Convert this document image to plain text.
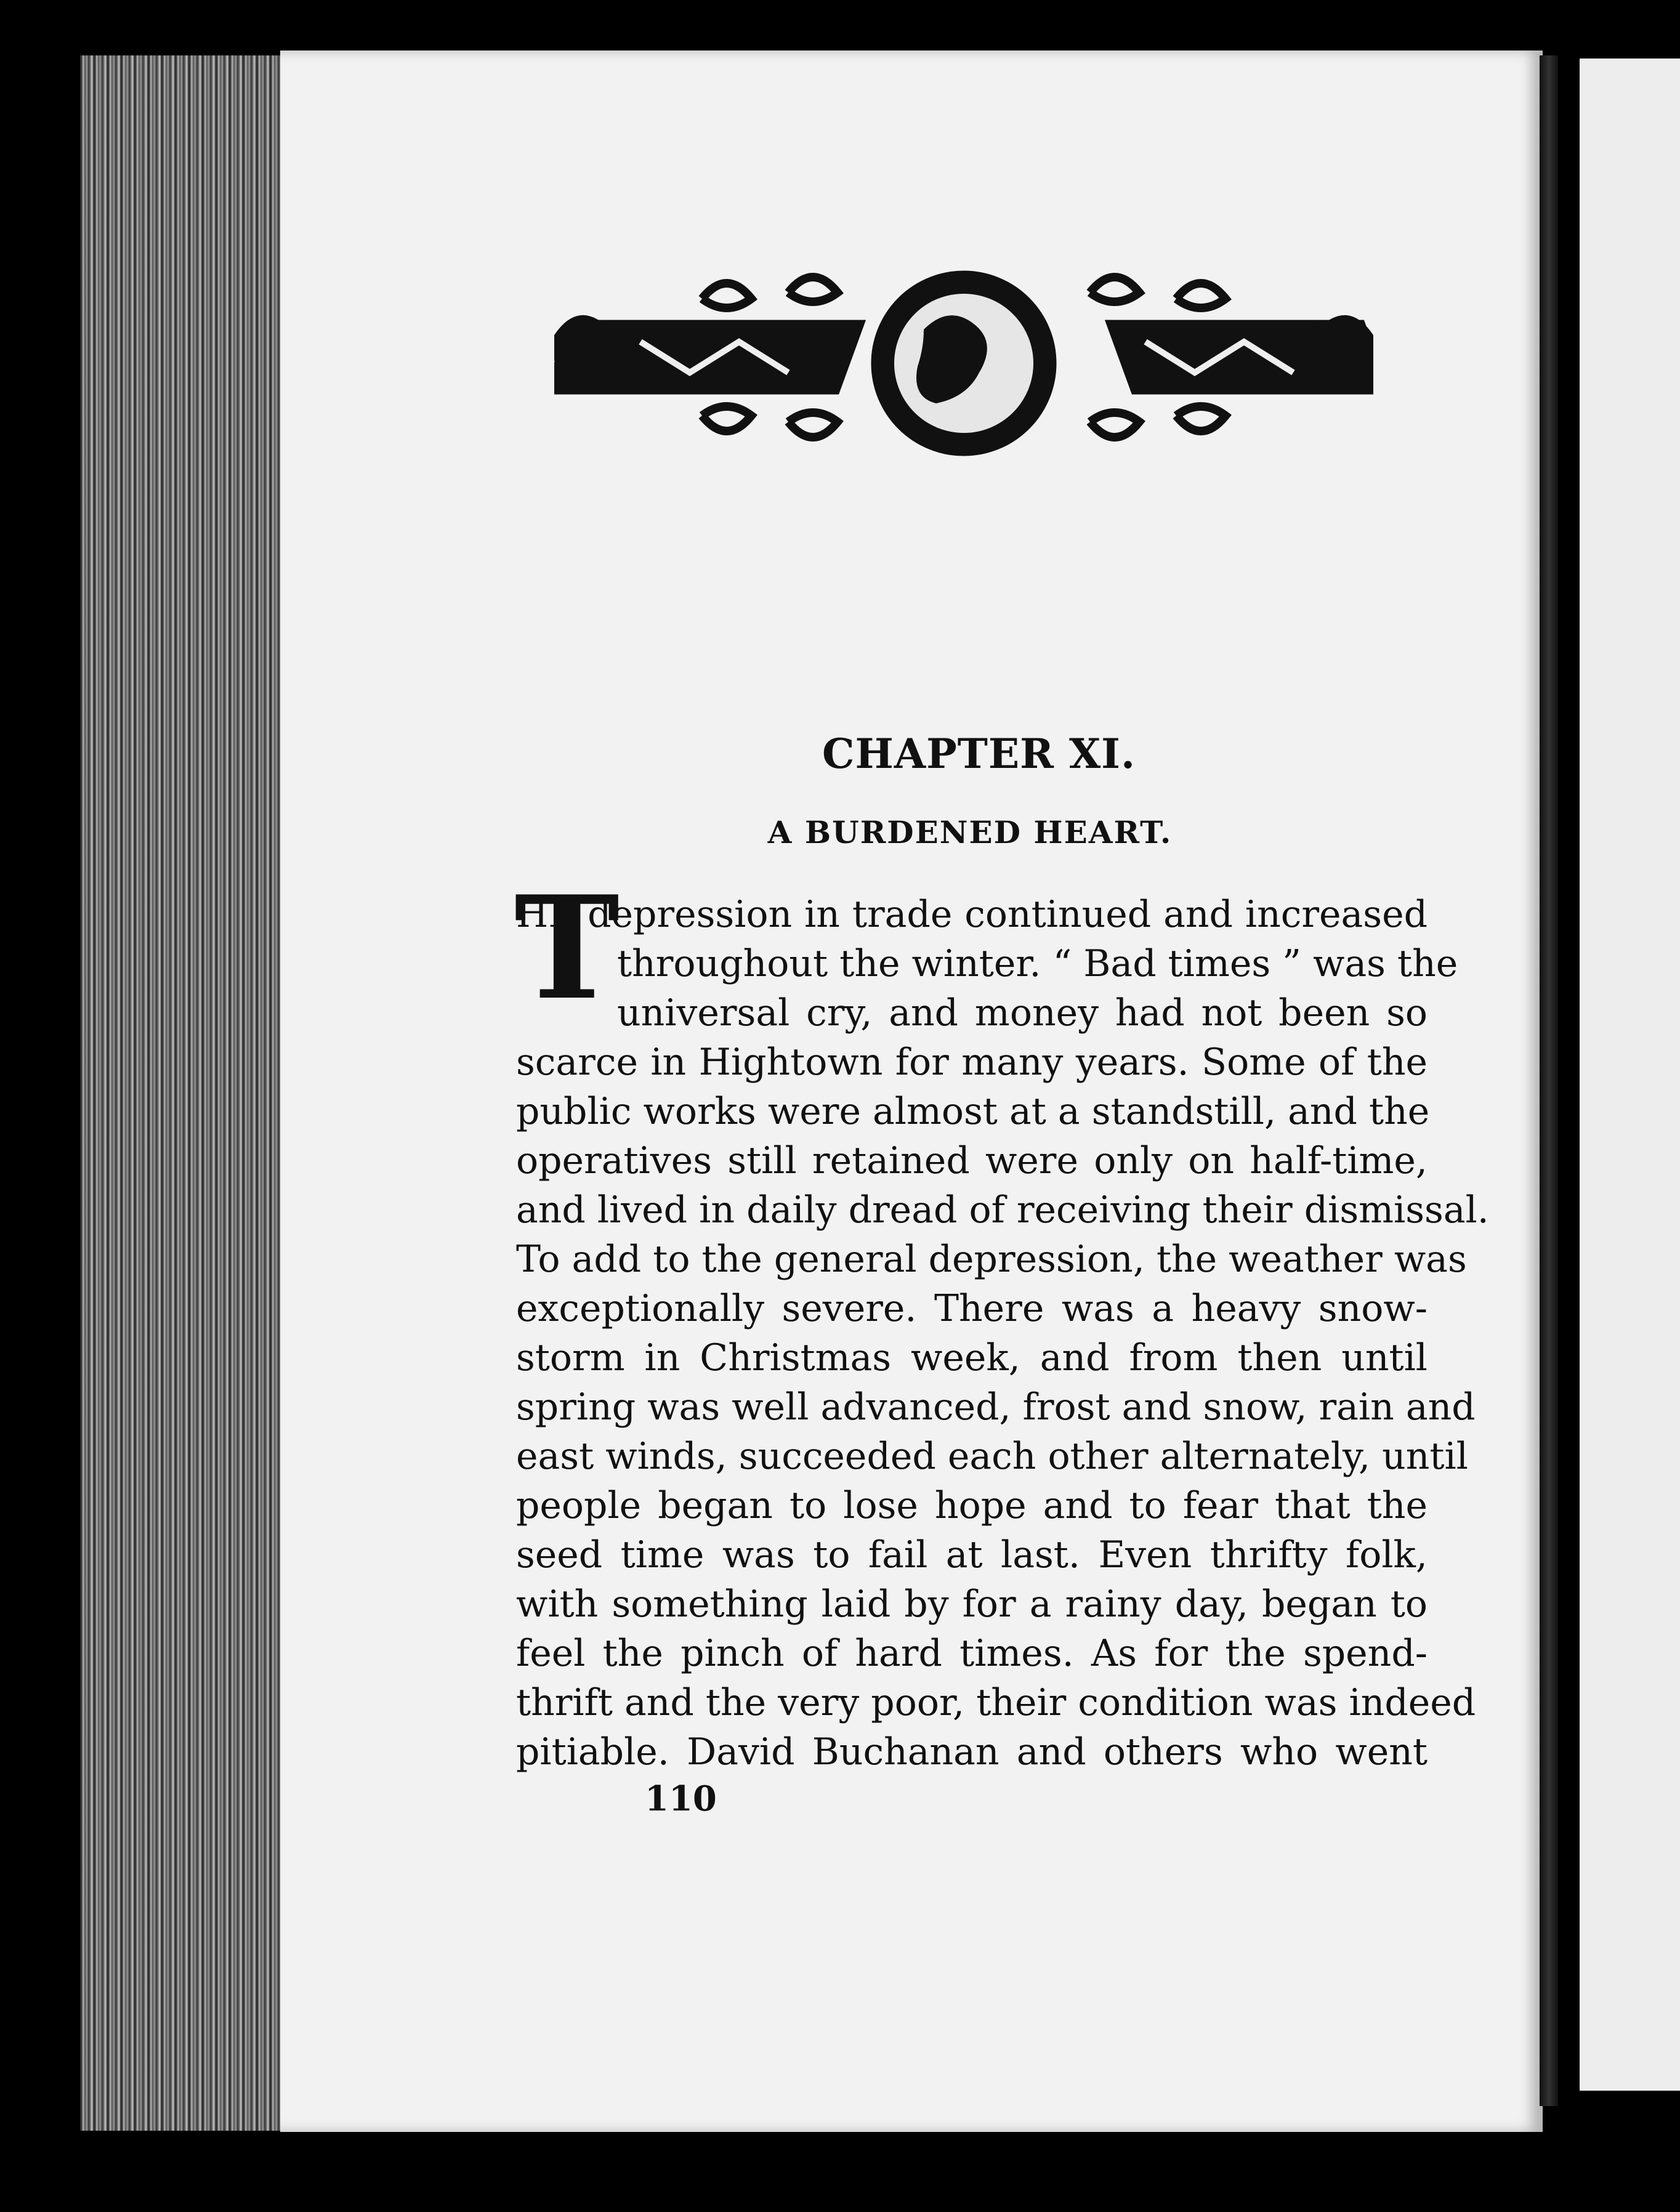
CHAPTER XI.
A BURDENED HEART.
T
HE depression in trade continued and increased
throughout the winter. “ Bad times ” was the
universal cry, and money had not been so
scarce in Hightown for many years. Some of the
public works were almost at a standstill, and the
operatives still retained were only on half-time,
and lived in daily dread of receiving their dismissal.
To add to the general depression, the weather was
exceptionally severe. There was a heavy snow-
storm in Christmas week, and from then until
spring was well advanced, frost and snow, rain and
east winds, succeeded each other alternately, until
people began to lose hope and to fear that the
seed time was to fail at last. Even thrifty folk,
with something laid by for a rainy day, began to
feel the pinch of hard times. As for the spend-
thrift and the very poor, their condition was indeed
pitiable. David Buchanan and others who went
110
